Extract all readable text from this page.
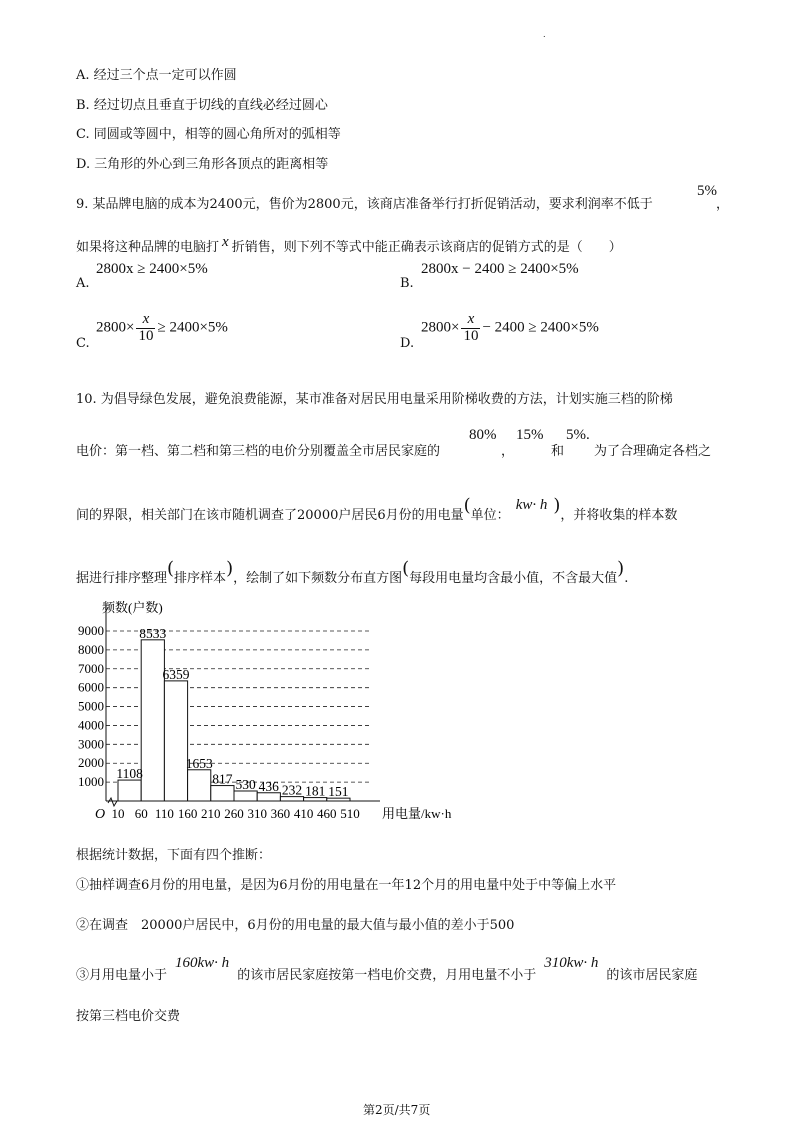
.
A. 经过三个点一定可以作圆
B. 经过切点且垂直于切线的直线必经过圆心
C. 同圆或等圆中，相等的圆心角所对的弧相等
D. 三角形的外心到三角形各顶点的距离相等
9. 某品牌电脑的成本为2400元，售价为2800元，该商店准备举行打折促销活动，要求利润率不低于
5%
，
如果将这种品牌的电脑打 x 折销售，则下列不等式中能正确表示该商店的促销方式的是（　　）
A.
2800x ≥ 2400×5%
B.
2800x − 2400 ≥ 2400×5%
C.
$2800\times \frac{x}{10} \ge 2400\times 5\%$
D.
$2800\times \frac{x}{10} - 2400 \ge 2400\times 5\%$
10. 为倡导绿色发展，避免浪费能源，某市准备对居民用电量采用阶梯收费的方法，计划实施三档的阶梯
电价：第一档、第二档和第三档的电价分别覆盖全市居民家庭的
80%
，
15%
和
5%.
为了合理确定各档之
间的界限，相关部门在该市随机调查了20000户居民6月份的用电量(单位：kw· h )，并将收集的样本数
据进行排序整理(排序样本)，绘制了如下频数分布直方图(每段用电量均含最小值，不含最大值).
1108
8533
6359
1653
817 530 436 232 181 151
1000
2000
3000
4000
5000
6000
7000
8000
9000
10 60 110 160 210 260 310 360 410 460 510
频数(户数)
用电量/kw·h
O
根据统计数据，下面有四个推断：
①抽样调查6月份的用电量，是因为6月份的用电量在一年12个月的用电量中处于中等偏上水平
②在调查　20000户居民中，6月份的用电量的最大值与最小值的差小于500
③月用电量小于160kw· h的该市居民家庭按第一档电价交费，月用电量不小于310kw· h的该市居民家庭
按第三档电价交费
第2页/共7页
